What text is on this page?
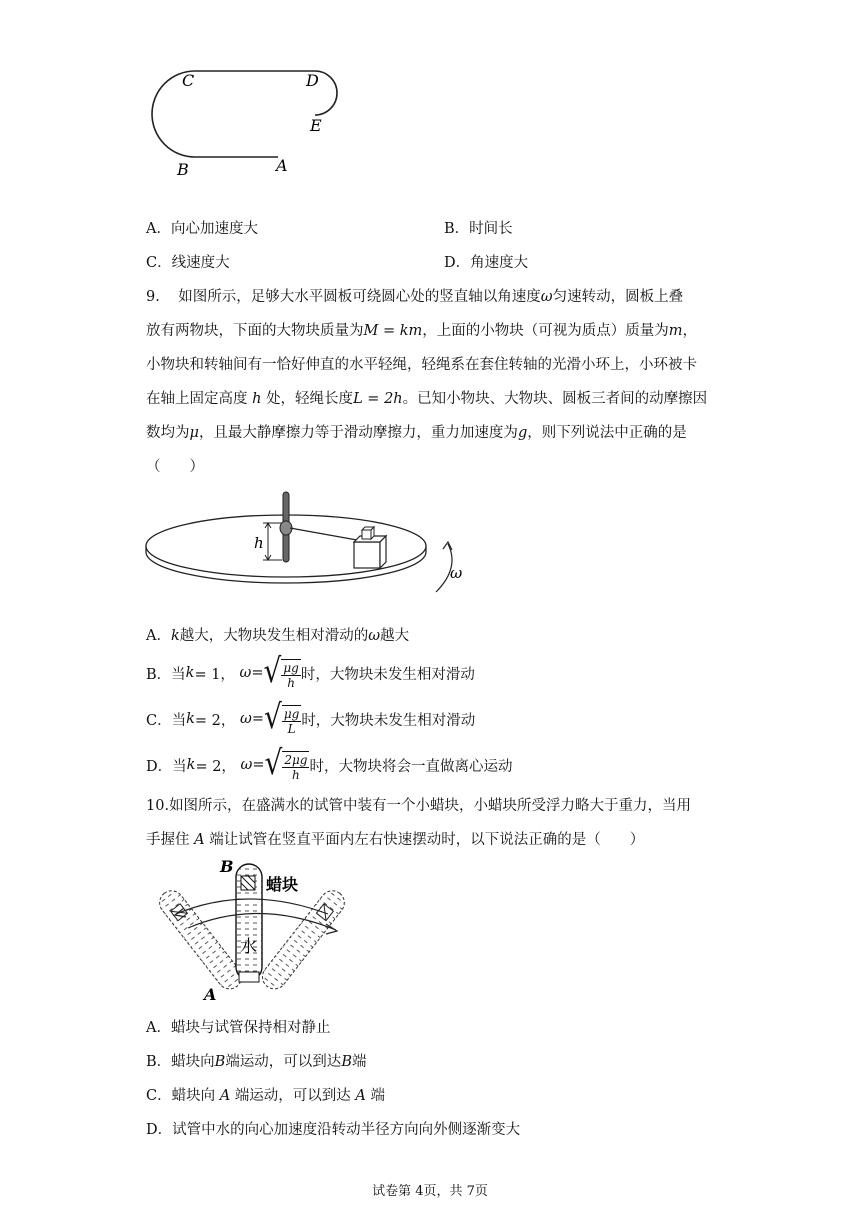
C	D
E
B	A
A．向心加速度大	B．时间长
C．线速度大	D．角速度大
9. 如图所示，足够大水平圆板可绕圆心处的竖直轴以角速度ω匀速转动，圆板上叠
放有两物块，下面的大物块质量为M = km，上面的小物块（可视为质点）质量为m，
小物块和转轴间有一恰好伸直的水平轻绳，轻绳系在套住转轴的光滑小环上，小环被卡
在轴上固定高度 h 处，轻绳长度L = 2h。已知小物块、大物块、圆板三者间的动摩擦因
数均为μ，且最大静摩擦力等于滑动摩擦力，重力加速度为g，则下列说法中正确的是
（　　）
h
ω
A．k越大，大物块发生相对滑动的ω越大
B． 当 k = 1，
ω = √ $\frac{\mu g}{h}$ 时，大物块未发生相对滑动
C． 当 k = 2，
ω = √ $\frac{\mu g}{L}$ 时，大物块未发生相对滑动
D． 当 k = 2，
ω = √ $\frac{2\mu g}{h}$ 时，大物块将会一直做离心运动
10.如图所示，在盛满水的试管中装有一个小蜡块，小蜡块所受浮力略大于重力，当用
手握住 A 端让试管在竖直平面内左右快速摆动时，以下说法正确的是（　　）
B
A
蜡块
水
A．蜡块与试管保持相对静止
B．蜡块向B端运动，可以到达B端
C．蜡块向 A 端运动，可以到达 A 端
D．试管中水的向心加速度沿转动半径方向向外侧逐渐变大
试卷第 4页，共 7页
